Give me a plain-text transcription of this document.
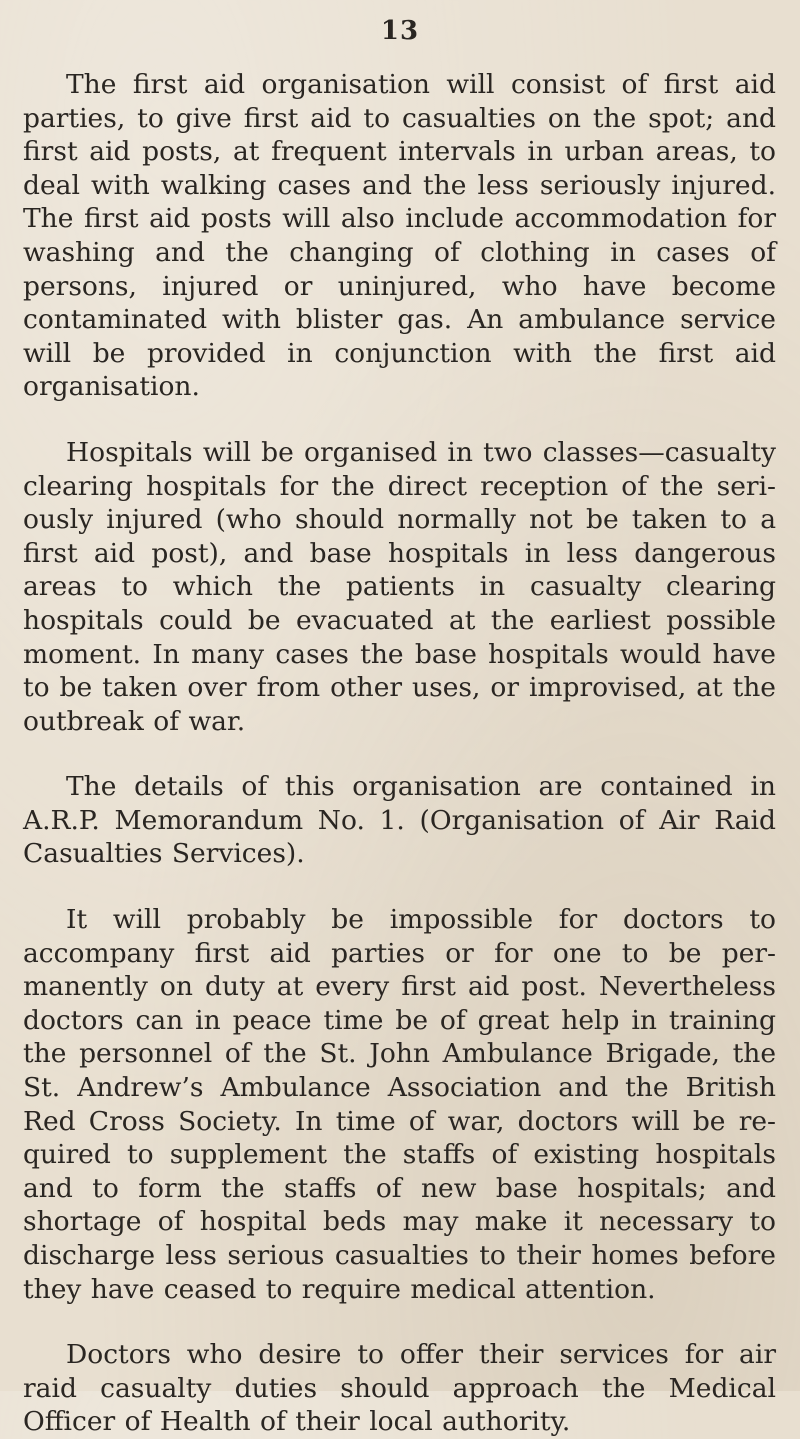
13

The first aid organisation will consist of first aid parties, to give first aid to casualties on the spot; and first aid posts, at frequent intervals in urban areas, to deal with walking cases and the less seriously injured. The first aid posts will also include accommodation for washing and the changing of clothing in cases of persons, injured or uninjured, who have become contaminated with blister gas. An ambulance service will be provided in conjunction with the first aid organisation.

Hospitals will be organised in two classes—casualty clearing hospitals for the direct reception of the seri-ously injured (who should normally not be taken to a first aid post), and base hospitals in less dangerous areas to which the patients in casualty clearing hospitals could be evacuated at the earliest possible moment. In many cases the base hospitals would have to be taken over from other uses, or improvised, at the outbreak of war.

The details of this organisation are contained in A.R.P. Memorandum No. 1. (Organisation of Air Raid Casualties Services).

It will probably be impossible for doctors to accompany first aid parties or for one to be per-manently on duty at every first aid post. Nevertheless doctors can in peace time be of great help in training the personnel of the St. John Ambulance Brigade, the St. Andrew’s Ambulance Association and the British Red Cross Society. In time of war, doctors will be re-quired to supplement the staffs of existing hospitals and to form the staffs of new base hospitals; and shortage of hospital beds may make it necessary to discharge less serious casualties to their homes before they have ceased to require medical attention.

Doctors who desire to offer their services for air raid casualty duties should approach the Medical Officer of Health of their local authority.
